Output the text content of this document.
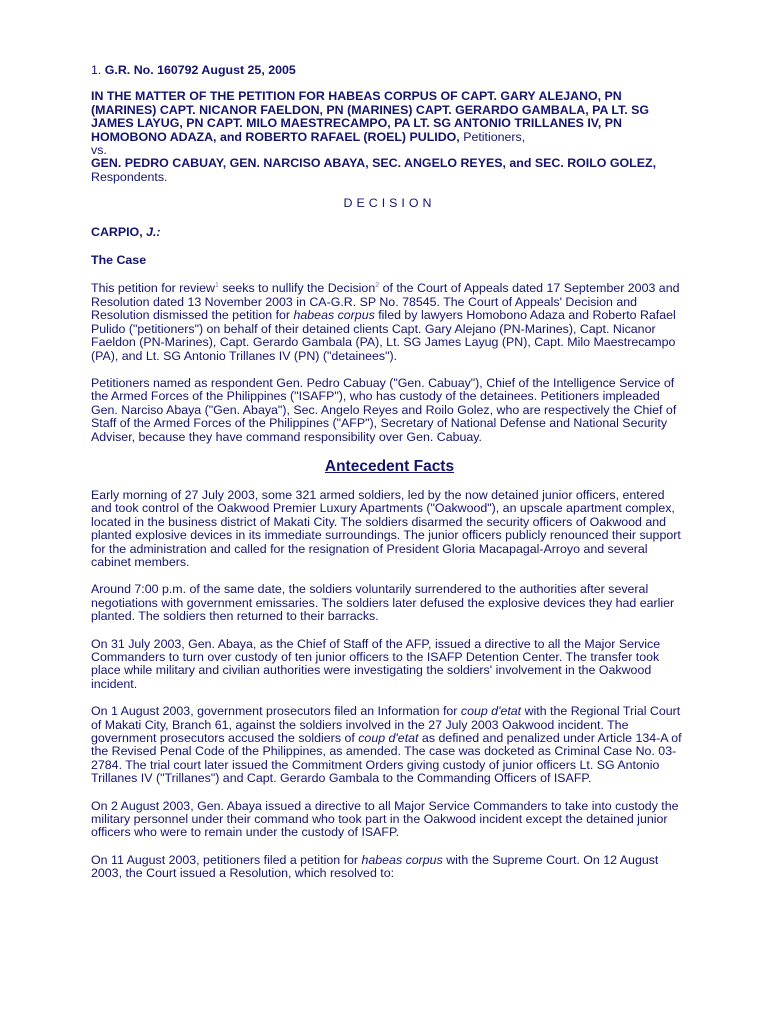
1. G.R. No. 160792 August 25, 2005

IN THE MATTER OF THE PETITION FOR HABEAS CORPUS OF CAPT. GARY ALEJANO, PN (MARINES) CAPT. NICANOR FAELDON, PN (MARINES) CAPT. GERARDO GAMBALA, PA LT. SG JAMES LAYUG, PN CAPT. MILO MAESTRECAMPO, PA LT. SG ANTONIO TRILLANES IV, PN HOMOBONO ADAZA, and ROBERTO RAFAEL (ROEL) PULIDO, Petitioners,
vs.
GEN. PEDRO CABUAY, GEN. NARCISO ABAYA, SEC. ANGELO REYES, and SEC. ROILO GOLEZ, Respondents.

DECISION

CARPIO, J.:

The Case

This petition for review$^1$ seeks to nullify the Decision$^2$ of the Court of Appeals dated 17 September 2003 and Resolution dated 13 November 2003 in CA-G.R. SP No. 78545. The Court of Appeals' Decision and Resolution dismissed the petition for habeas corpus filed by lawyers Homobono Adaza and Roberto Rafael Pulido ("petitioners") on behalf of their detained clients Capt. Gary Alejano (PN-Marines), Capt. Nicanor Faeldon (PN-Marines), Capt. Gerardo Gambala (PA), Lt. SG James Layug (PN), Capt. Milo Maestrecampo (PA), and Lt. SG Antonio Trillanes IV (PN) ("detainees").

Petitioners named as respondent Gen. Pedro Cabuay ("Gen. Cabuay"), Chief of the Intelligence Service of the Armed Forces of the Philippines ("ISAFP"), who has custody of the detainees. Petitioners impleaded Gen. Narciso Abaya ("Gen. Abaya"), Sec. Angelo Reyes and Roilo Golez, who are respectively the Chief of Staff of the Armed Forces of the Philippines ("AFP"), Secretary of National Defense and National Security Adviser, because they have command responsibility over Gen. Cabuay.

Antecedent Facts

Early morning of 27 July 2003, some 321 armed soldiers, led by the now detained junior officers, entered and took control of the Oakwood Premier Luxury Apartments ("Oakwood"), an upscale apartment complex, located in the business district of Makati City. The soldiers disarmed the security officers of Oakwood and planted explosive devices in its immediate surroundings. The junior officers publicly renounced their support for the administration and called for the resignation of President Gloria Macapagal-Arroyo and several cabinet members.

Around 7:00 p.m. of the same date, the soldiers voluntarily surrendered to the authorities after several negotiations with government emissaries. The soldiers later defused the explosive devices they had earlier planted. The soldiers then returned to their barracks.

On 31 July 2003, Gen. Abaya, as the Chief of Staff of the AFP, issued a directive to all the Major Service Commanders to turn over custody of ten junior officers to the ISAFP Detention Center. The transfer took place while military and civilian authorities were investigating the soldiers' involvement in the Oakwood incident.

On 1 August 2003, government prosecutors filed an Information for coup d'etat with the Regional Trial Court of Makati City, Branch 61, against the soldiers involved in the 27 July 2003 Oakwood incident. The government prosecutors accused the soldiers of coup d'etat as defined and penalized under Article 134-A of the Revised Penal Code of the Philippines, as amended. The case was docketed as Criminal Case No. 03-2784. The trial court later issued the Commitment Orders giving custody of junior officers Lt. SG Antonio Trillanes IV ("Trillanes") and Capt. Gerardo Gambala to the Commanding Officers of ISAFP.

On 2 August 2003, Gen. Abaya issued a directive to all Major Service Commanders to take into custody the military personnel under their command who took part in the Oakwood incident except the detained junior officers who were to remain under the custody of ISAFP.

On 11 August 2003, petitioners filed a petition for habeas corpus with the Supreme Court. On 12 August 2003, the Court issued a Resolution, which resolved to:
